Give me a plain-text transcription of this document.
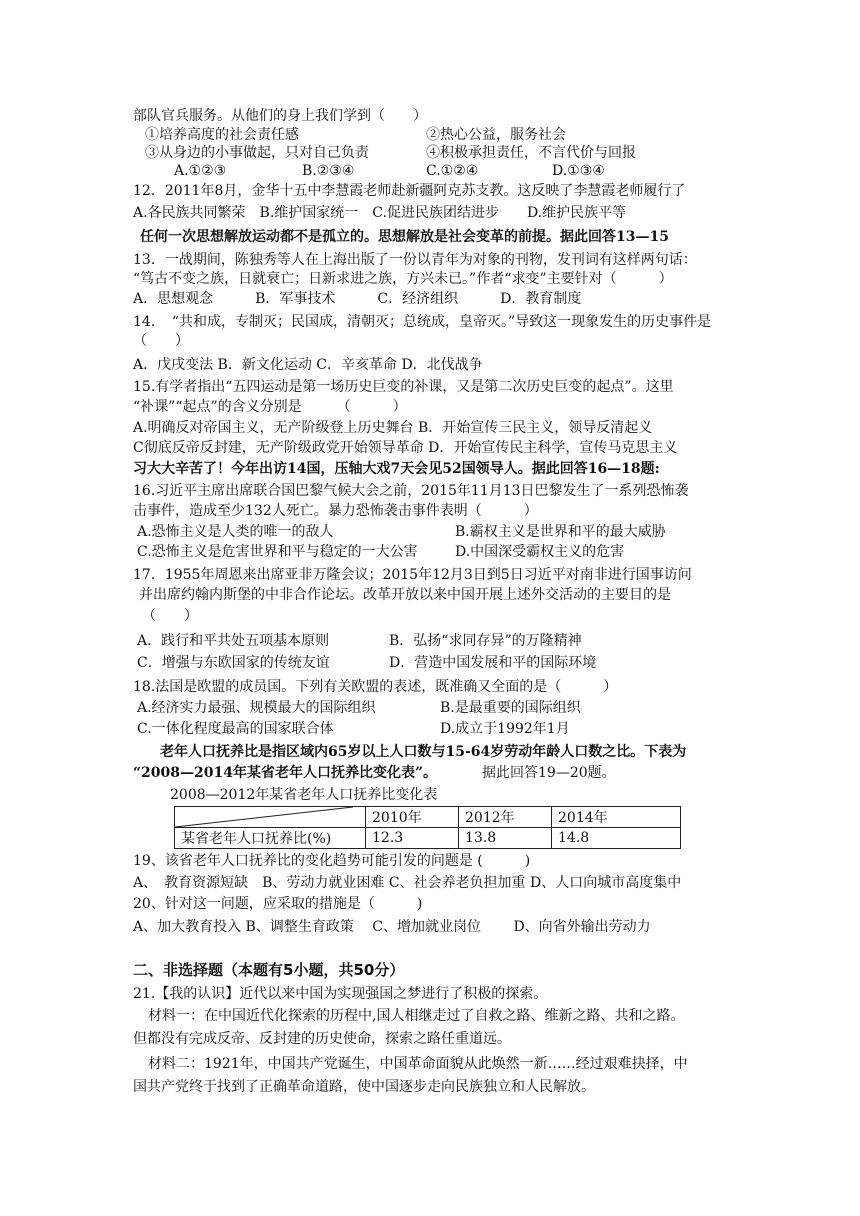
部队官兵服务。从他们的身上我们学到（　　）
①培养高度的社会责任感	②热心公益，服务社会
③从身边的小事做起，只对自己负责	④积极承担责任，不言代价与回报
A.①②③	B.②③④	C.①②④	D.①③④
12．2011年8月，金华十五中李慧霞老师赴新疆阿克苏支教。这反映了李慧霞老师履行了
A.各民族共同繁荣　B.维护国家统一　C.促进民族团结进步　　D.维护民族平等
任何一次思想解放运动都不是孤立的。思想解放是社会变革的前提。据此回答13—15
13．一战期间，陈独秀等人在上海出版了一份以青年为对象的刊物，发刊词有这样两句话：
“笃古不变之族，日就衰亡；日新求进之族，方兴未已。”作者“求变”主要针对（　　　）
A．思想观念　　　B．军事技术　　　C．经济组织　　　D．教育制度
14．　“共和成，专制灭；民国成，清朝灭；总统成，皇帝灭。”导致这一现象发生的历史事件是
（　　）
A．戊戌变法 B．新文化运动 C．辛亥革命 D．北伐战争
15.有学者指出“五四运动是第一场历史巨变的补课，又是第二次历史巨变的起点”。这里
“补课”“起点”的含义分别是　　　（　　　）
A.明确反对帝国主义，无产阶级登上历史舞台 B．开始宣传三民主义，领导反清起义
C彻底反帝反封建，无产阶级政党开始领导革命 D．开始宣传民主科学，宣传马克思主义
习大大辛苦了！今年出访14国，压轴大戏7天会见52国领导人。据此回答16—18题:
16.习近平主席出席联合国巴黎气候大会之前，2015年11月13日巴黎发生了一系列恐怖袭
击事件，造成至少132人死亡。暴力恐怖袭击事件表明（　　　）
A.恐怖主义是人类的唯一的敌人	B.霸权主义是世界和平的最大威胁
C.恐怖主义是危害世界和平与稳定的一大公害	D.中国深受霸权主义的危害
17．1955年周恩来出席亚非万隆会议；2015年12月3日到5日习近平对南非进行国事访问
并出席约翰内斯堡的中非合作论坛。改革开放以来中国开展上述外交活动的主要目的是
（　　）
A．践行和平共处五项基本原则	B．弘扬“求同存异”的万隆精神
C．增强与东欧国家的传统友谊	D．营造中国发展和平的国际环境
18.法国是欧盟的成员国。下列有关欧盟的表述，既准确又全面的是（　　　）
A.经济实力最强、规模最大的国际组织	B.是最重要的国际组织
C.一体化程度最高的国家联合体	D.成立于1992年1月
老年人口抚养比是指区域内65岁以上人口数与15-64岁劳动年龄人口数之比。下表为
“2008—2014年某省老年人口抚养比变化表”。	据此回答19—20题。
2008—2012年某省老年人口抚养比变化表
	2010年	2012年	2014年
某省老年人口抚养比(%)	12.3	13.8	14.8
19、该省老年人口抚养比的变化趋势可能引发的问题是 (　　　)
A、　教育资源短缺　B、劳动力就业困难 C、社会养老负担加重 D、人口向城市高度集中
20、针对这一问题，应采取的措施是（　　　)
A、加大教育投入 B、调整生育政策　 C、增加就业岗位　　 D、向省外输出劳动力
二、非选择题（本题有5小题，共50分）
21.【我的认识】近代以来中国为实现强国之梦进行了积极的探索。
材料一：在中国近代化探索的历程中,国人相继走过了自救之路、维新之路、共和之路。
但都没有完成反帝、反封建的历史使命，探索之路任重道远。
材料二：1921年，中国共产党诞生，中国革命面貌从此焕然一新……经过艰难抉择，中
国共产党终于找到了正确革命道路，使中国逐步走向民族独立和人民解放。
